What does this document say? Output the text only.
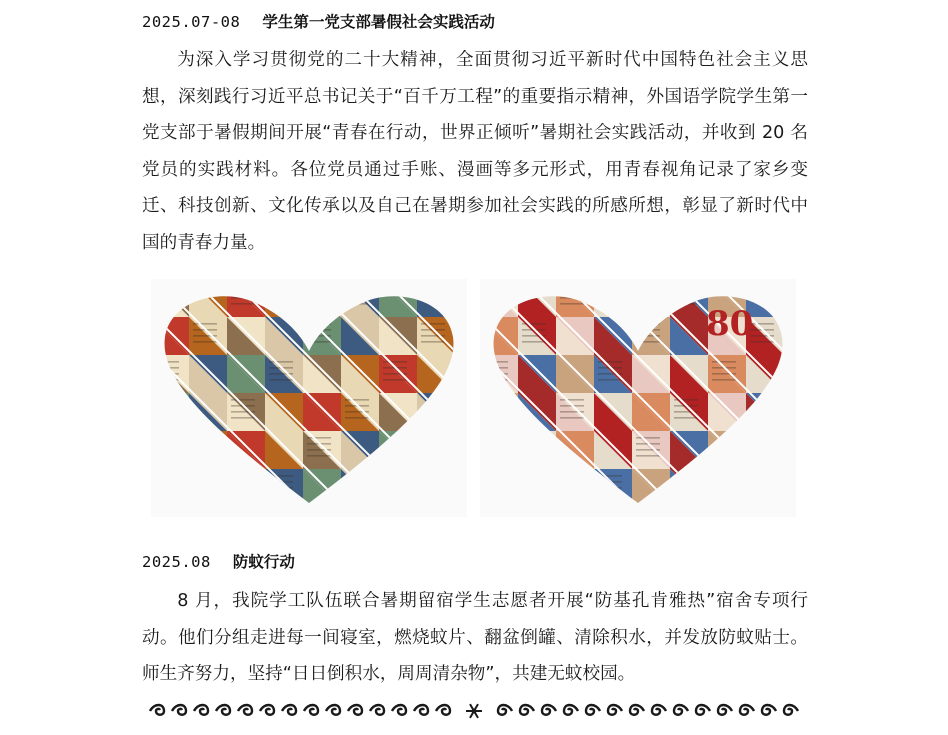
2025.07-08 学生第一党支部暑假社会实践活动

为深入学习贯彻党的二十大精神，全面贯彻习近平新时代中国特色社会主义思想，深刻践行习近平总书记关于“百千万工程”的重要指示精神，外国语学院学生第一党支部于暑假期间开展“青春在行动，世界正倾听”暑期社会实践活动，并收到 20 名党员的实践材料。各位党员通过手账、漫画等多元形式，用青春视角记录了家乡变迁、科技创新、文化传承以及自己在暑期参加社会实践的所感所想，彰显了新时代中国的青春力量。

80
2025.08 防蚊行动

8 月，我院学工队伍联合暑期留宿学生志愿者开展“防基孔肯雅热”宿舍专项行动。他们分组走进每一间寝室，燃烧蚊片、翻盆倒罐、清除积水，并发放防蚊贴士。师生齐努力，坚持“日日倒积水，周周清杂物”，共建无蚊校园。
